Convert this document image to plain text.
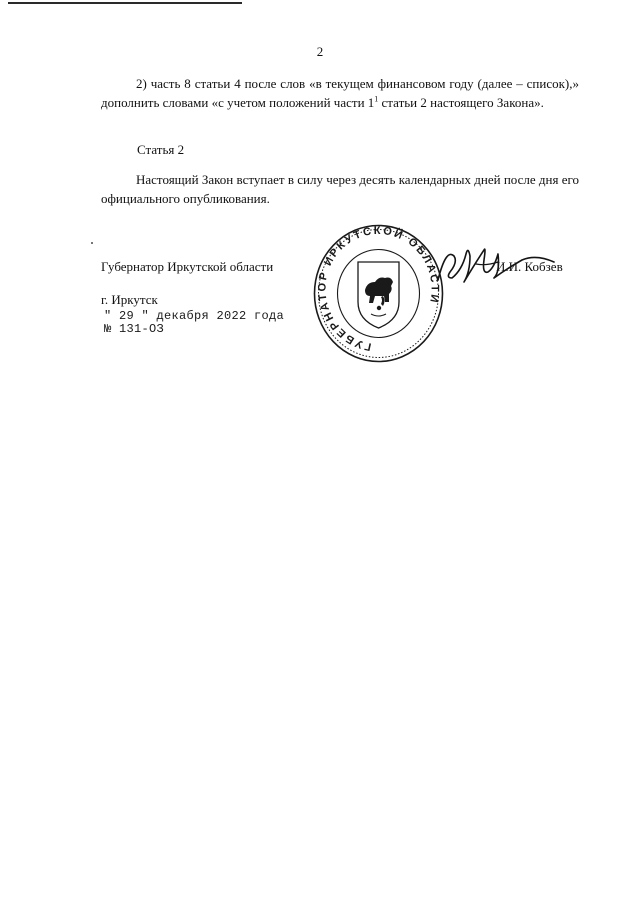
2

2) часть 8 статьи 4 после слов «в текущем финансовом году (далее – список),» дополнить словами «с учетом положений части $1^1$ статьи 2 настоящего Закона».

Статья 2

Настоящий Закон вступает в силу через десять календарных дней после дня его официального опубликования.

Губернатор Иркутской области	И.И. Кобзев
г. Иркутск
" 29 " декабря 2022 года
№ 131-ОЗ
ГУБЕРНАТОР ИРКУТСКОЙ ОБЛАСТИ
